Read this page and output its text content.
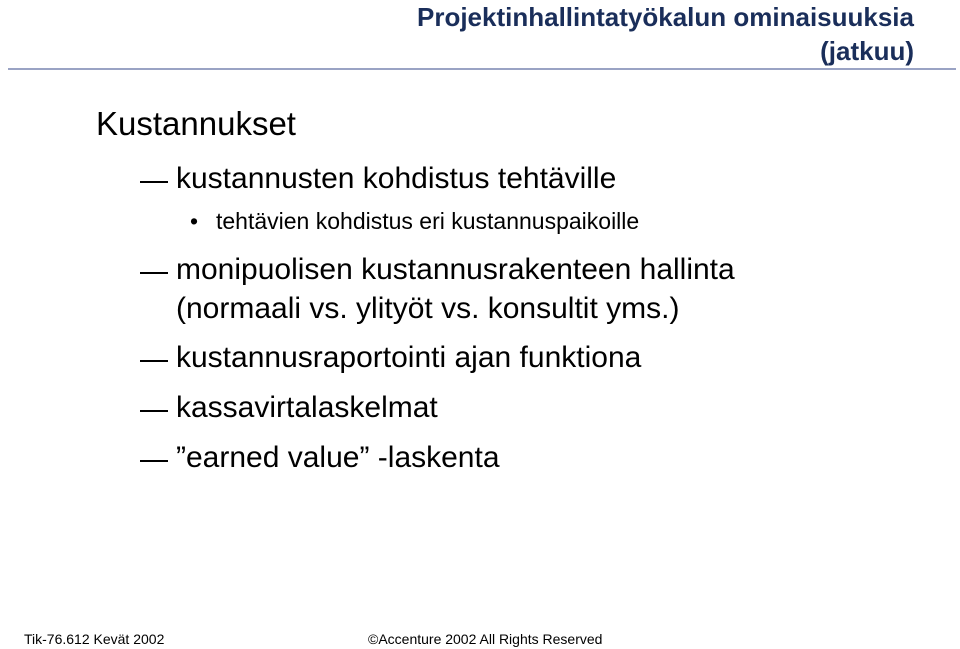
Projektinhallintatyökalun ominaisuuksia
(jatkuu)
Kustannukset
kustannusten kohdistus tehtäville
• tehtävien kohdistus eri kustannuspaikoille
monipuolisen kustannusrakenteen hallinta
(normaali vs. ylityöt vs. konsultit yms.)
kustannusraportointi ajan funktiona
kassavirtalaskelmat
”earned value” -laskenta
Tik-76.612 Kevät 2002	©Accenture 2002 All Rights Reserved
